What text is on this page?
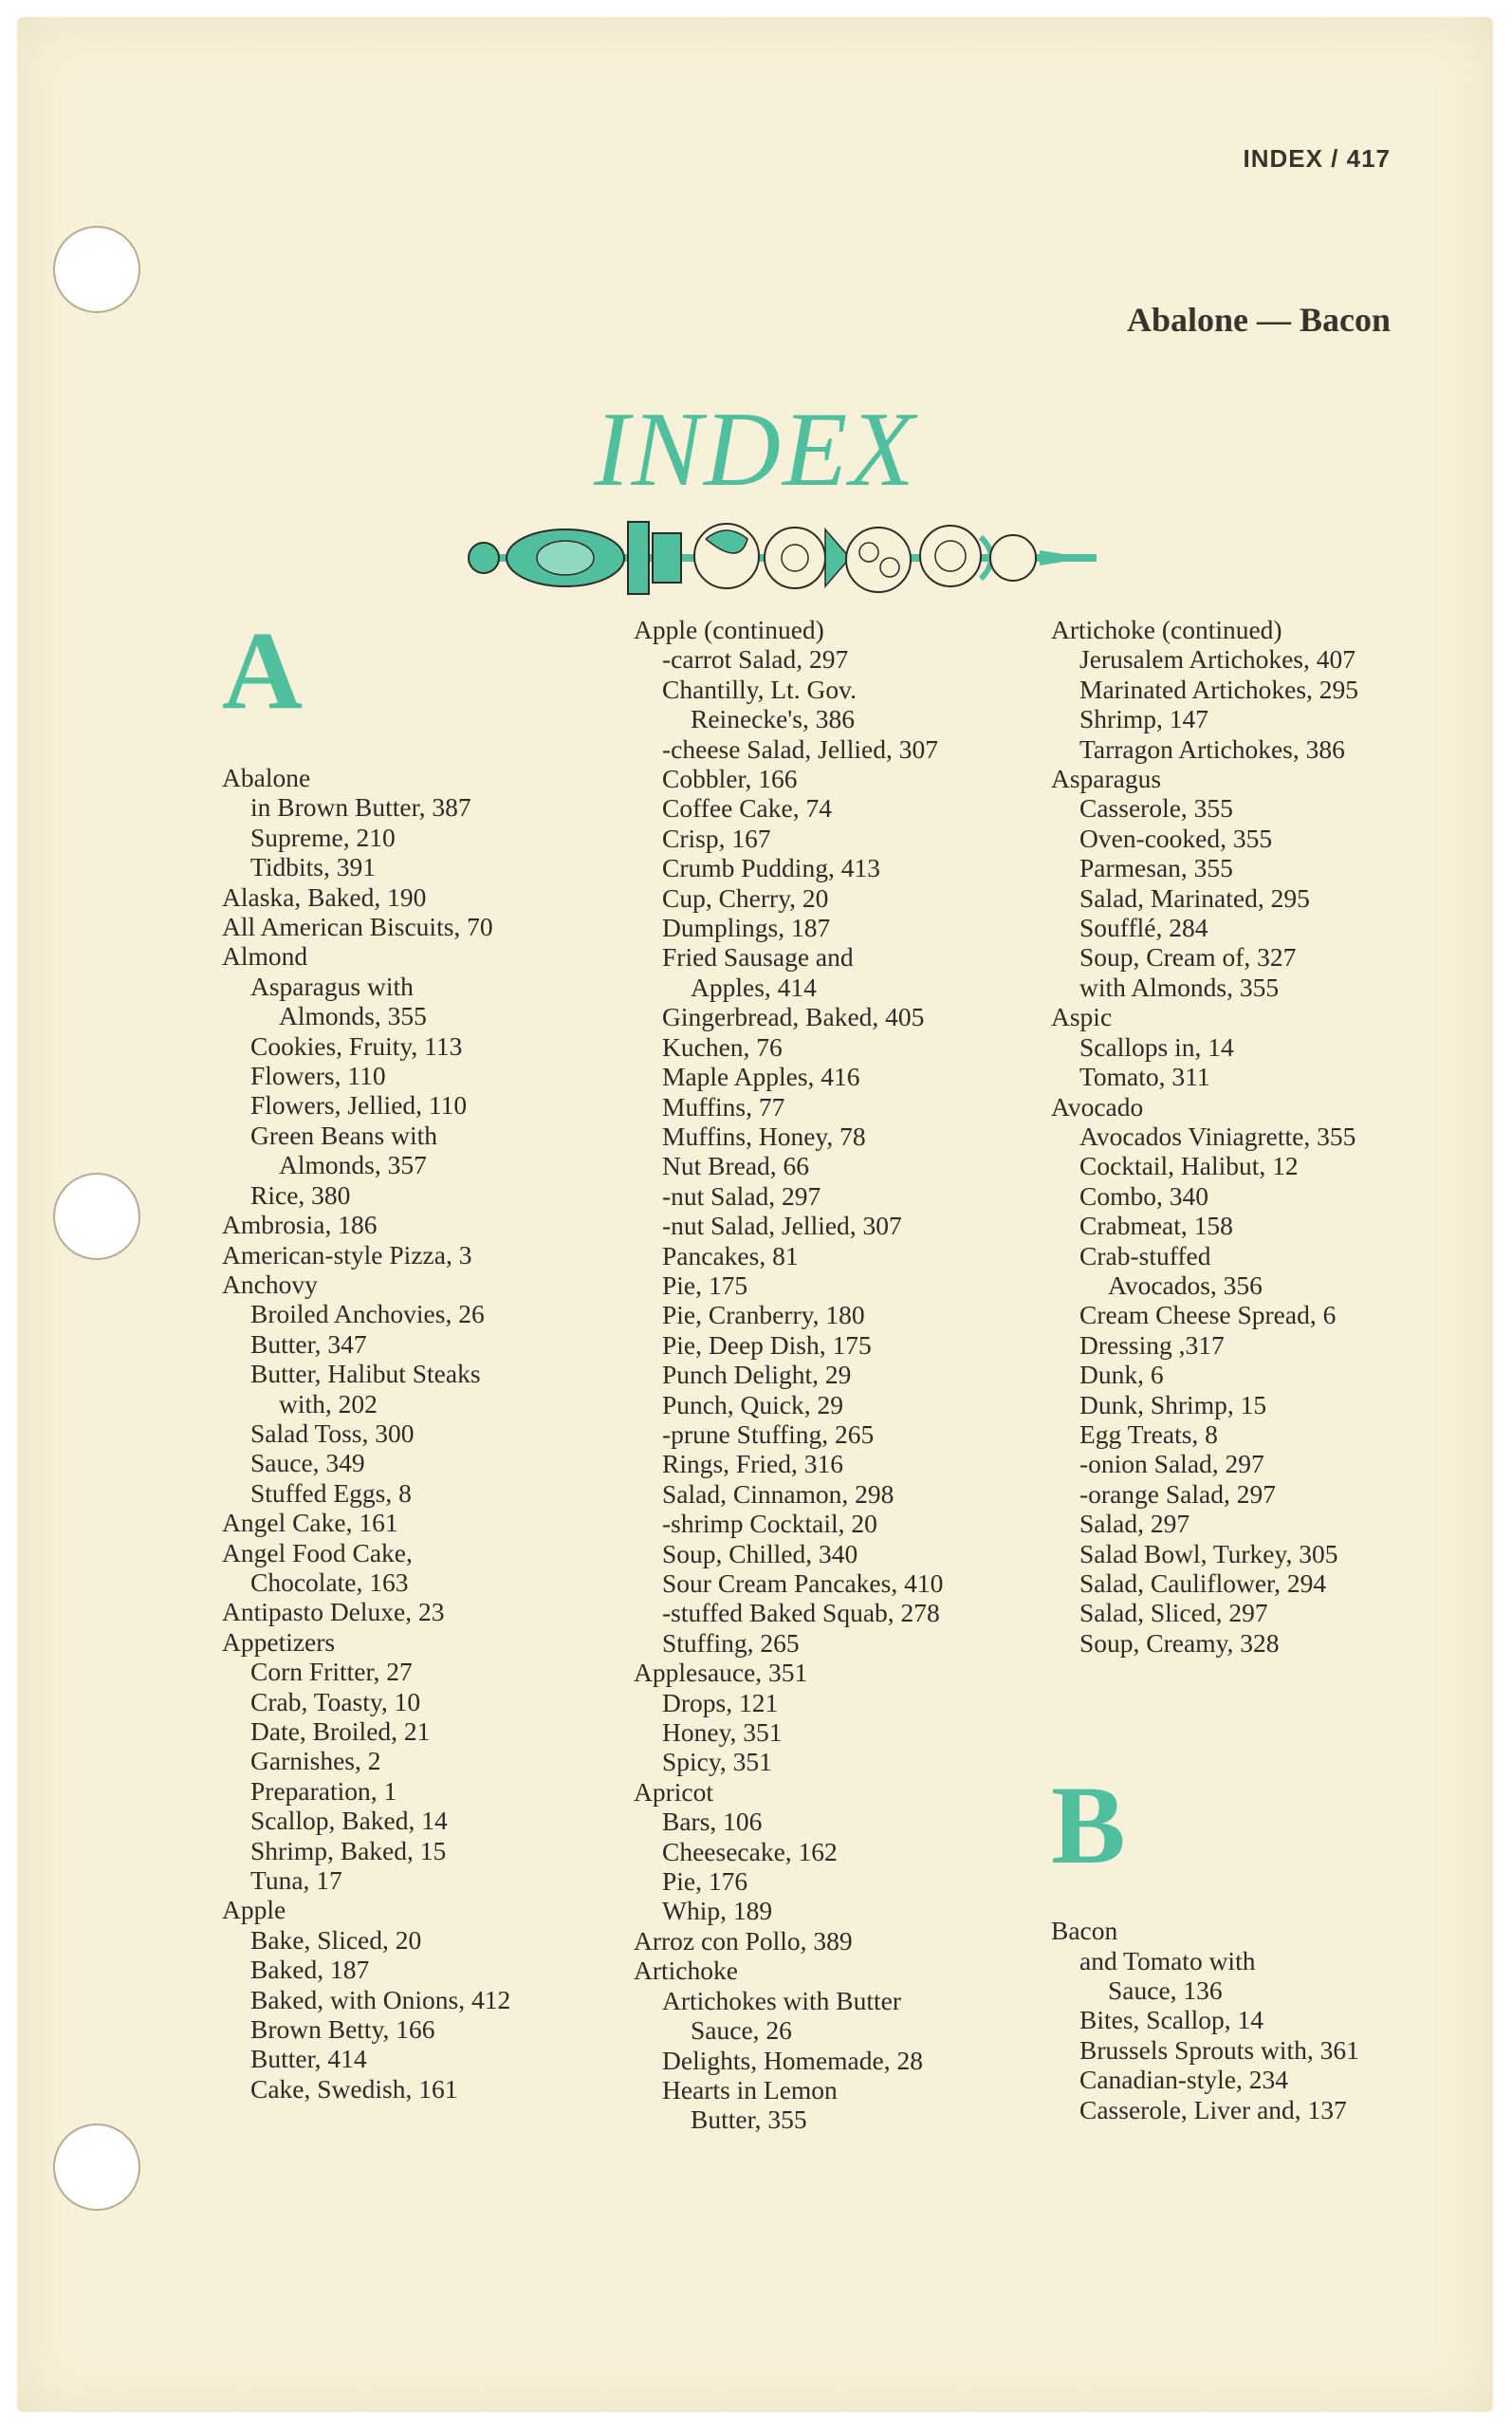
INDEX / 417
Abalone — Bacon
INDEX
A
Abalone
in Brown Butter, 387
Supreme, 210
Tidbits, 391
Alaska, Baked, 190
All American Biscuits, 70
Almond
Asparagus with
Almonds, 355
Cookies, Fruity, 113
Flowers, 110
Flowers, Jellied, 110
Green Beans with
Almonds, 357
Rice, 380
Ambrosia, 186
American-style Pizza, 3
Anchovy
Broiled Anchovies, 26
Butter, 347
Butter, Halibut Steaks
with, 202
Salad Toss, 300
Sauce, 349
Stuffed Eggs, 8
Angel Cake, 161
Angel Food Cake,
Chocolate, 163
Antipasto Deluxe, 23
Appetizers
Corn Fritter, 27
Crab, Toasty, 10
Date, Broiled, 21
Garnishes, 2
Preparation, 1
Scallop, Baked, 14
Shrimp, Baked, 15
Tuna, 17
Apple
Bake, Sliced, 20
Baked, 187
Baked, with Onions, 412
Brown Betty, 166
Butter, 414
Cake, Swedish, 161
Apple (continued)
-carrot Salad, 297
Chantilly, Lt. Gov.
Reinecke's, 386
-cheese Salad, Jellied, 307
Cobbler, 166
Coffee Cake, 74
Crisp, 167
Crumb Pudding, 413
Cup, Cherry, 20
Dumplings, 187
Fried Sausage and
Apples, 414
Gingerbread, Baked, 405
Kuchen, 76
Maple Apples, 416
Muffins, 77
Muffins, Honey, 78
Nut Bread, 66
-nut Salad, 297
-nut Salad, Jellied, 307
Pancakes, 81
Pie, 175
Pie, Cranberry, 180
Pie, Deep Dish, 175
Punch Delight, 29
Punch, Quick, 29
-prune Stuffing, 265
Rings, Fried, 316
Salad, Cinnamon, 298
-shrimp Cocktail, 20
Soup, Chilled, 340
Sour Cream Pancakes, 410
-stuffed Baked Squab, 278
Stuffing, 265
Applesauce, 351
Drops, 121
Honey, 351
Spicy, 351
Apricot
Bars, 106
Cheesecake, 162
Pie, 176
Whip, 189
Arroz con Pollo, 389
Artichoke
Artichokes with Butter
Sauce, 26
Delights, Homemade, 28
Hearts in Lemon
Butter, 355
Artichoke (continued)
Jerusalem Artichokes, 407
Marinated Artichokes, 295
Shrimp, 147
Tarragon Artichokes, 386
Asparagus
Casserole, 355
Oven-cooked, 355
Parmesan, 355
Salad, Marinated, 295
Soufflé, 284
Soup, Cream of, 327
with Almonds, 355
Aspic
Scallops in, 14
Tomato, 311
Avocado
Avocados Viniagrette, 355
Cocktail, Halibut, 12
Combo, 340
Crabmeat, 158
Crab-stuffed
Avocados, 356
Cream Cheese Spread, 6
Dressing ,317
Dunk, 6
Dunk, Shrimp, 15
Egg Treats, 8
-onion Salad, 297
-orange Salad, 297
Salad, 297
Salad Bowl, Turkey, 305
Salad, Cauliflower, 294
Salad, Sliced, 297
Soup, Creamy, 328
B
Bacon
and Tomato with
Sauce, 136
Bites, Scallop, 14
Brussels Sprouts with, 361
Canadian-style, 234
Casserole, Liver and, 137
